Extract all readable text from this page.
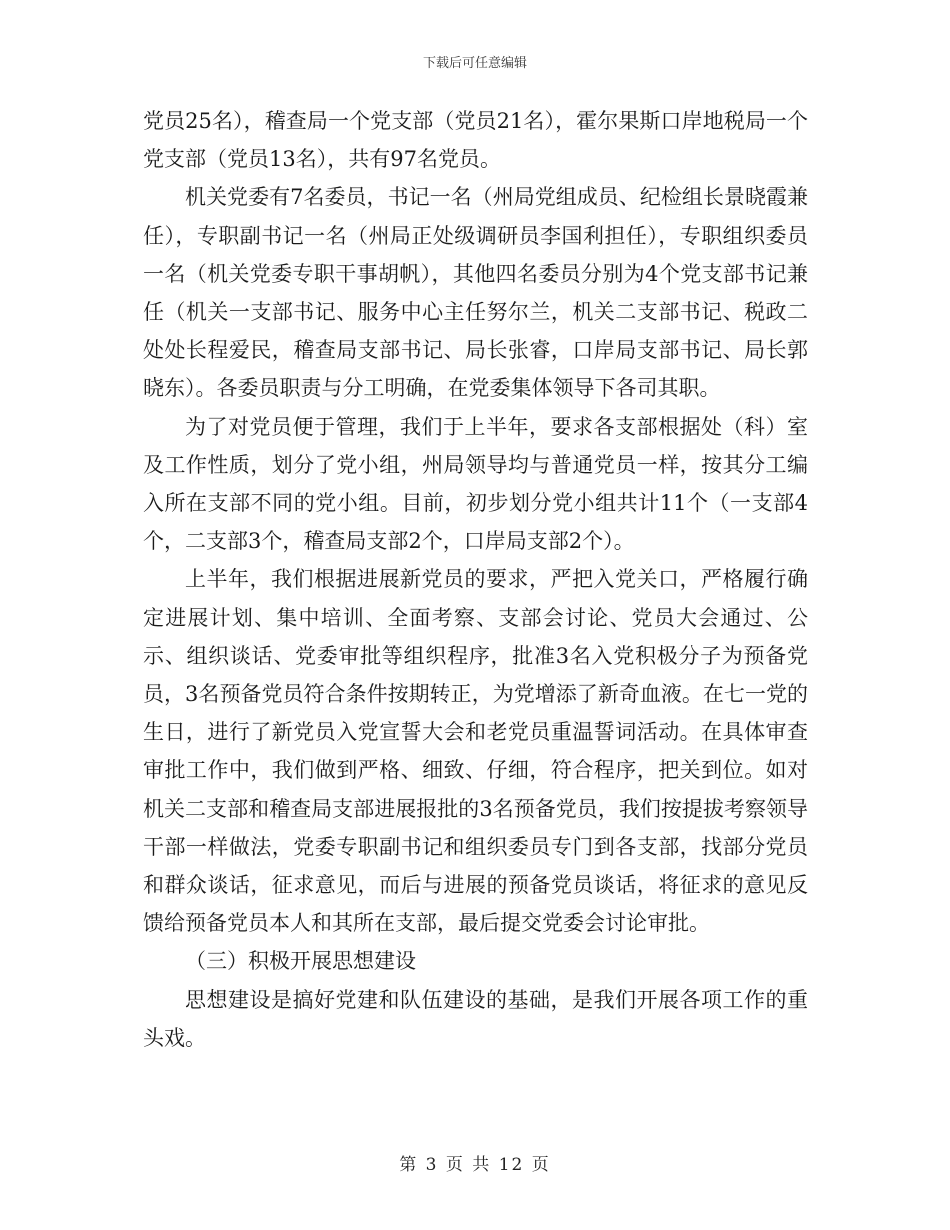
下载后可任意编辑

党员25名），稽查局一个党支部（党员21名），霍尔果斯口岸地税局一个党支部（党员13名），共有97名党员。

机关党委有7名委员，书记一名（州局党组成员、纪检组长景晓霞兼任），专职副书记一名（州局正处级调研员李国利担任），专职组织委员一名（机关党委专职干事胡帆），其他四名委员分别为4个党支部书记兼任（机关一支部书记、服务中心主任努尔兰，机关二支部书记、税政二处处长程爱民，稽查局支部书记、局长张睿，口岸局支部书记、局长郭晓东）。各委员职责与分工明确，在党委集体领导下各司其职。

为了对党员便于管理，我们于上半年，要求各支部根据处（科）室及工作性质，划分了党小组，州局领导均与普通党员一样，按其分工编入所在支部不同的党小组。目前，初步划分党小组共计11个（一支部4个，二支部3个，稽查局支部2个，口岸局支部2个）。

上半年，我们根据进展新党员的要求，严把入党关口，严格履行确定进展计划、集中培训、全面考察、支部会讨论、党员大会通过、公示、组织谈话、党委审批等组织程序，批准3名入党积极分子为预备党员，3名预备党员符合条件按期转正，为党增添了新奇血液。在七一党的生日，进行了新党员入党宣誓大会和老党员重温誓词活动。在具体审查审批工作中，我们做到严格、细致、仔细，符合程序，把关到位。如对机关二支部和稽查局支部进展报批的3名预备党员，我们按提拔考察领导干部一样做法，党委专职副书记和组织委员专门到各支部，找部分党员和群众谈话，征求意见，而后与进展的预备党员谈话，将征求的意见反馈给预备党员本人和其所在支部，最后提交党委会讨论审批。

（三）积极开展思想建设

思想建设是搞好党建和队伍建设的基础，是我们开展各项工作的重头戏。

第 3 页 共 12 页
